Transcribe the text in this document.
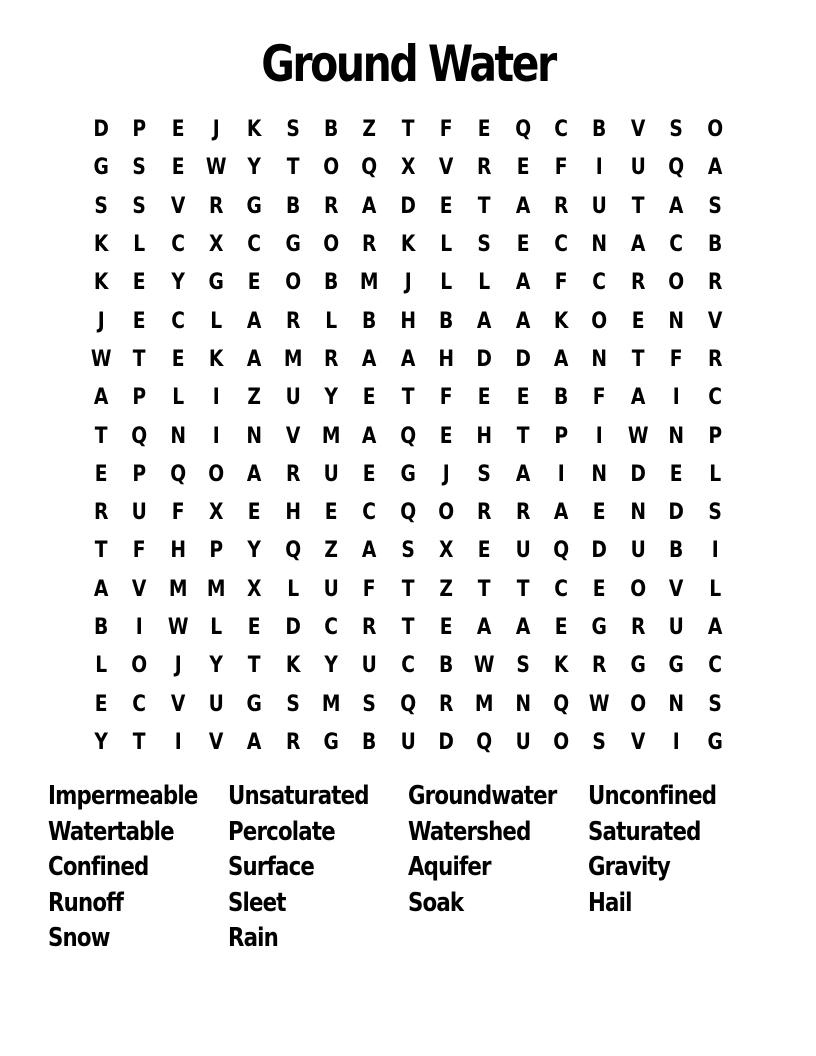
Ground Water
D	P	E	J	K	S	B	Z	T	F	E	Q	C	B	V	S	O
G	S	E W Y	T	O	Q	X	V	R	E	F	I	U	Q	A
S	S	V	R	G	B	R	A	D	E	T	A	R	U	T	A	S
K	L	C	X	C	G	O	R	K	L	S	E	C	N	A	C	B
K	E	Y	G	E	O	B M	J	L	L	A	F	C	R	O	R
J	E	C	L	A	R	L	B	H	B	A	A	K	O	E	N	V
W T	E	K	A M R	A	A	H	D	D	A	N	T	F	R
A	P	L	I	Z	U	Y	E	T	F	E	E	B	F	A	I	C
T	Q	N	I	N	V M A	Q	E	H	T	P	I	W N	P
E	P	Q	O	A	R	U	E	G	J	S	A	I	N	D	E	L
R	U	F	X	E	H	E	C	Q	O	R	R	A	E	N	D	S
T	F	H	P	Y	Q	Z	A	S	X	E	U	Q	D	U	B	I
A	V M M X	L	U	F	T	Z	T	T	C	E	O	V	L
B	I	W	L	E	D	C	R	T	E	A	A	E	G	R	U	A
L	O	J	Y	T	K	Y	U	C	B W S	K	R	G	G	C
E	C	V	U	G	S	M	S	Q	R M N	Q W O	N	S
Y	T	I	V	A	R	G	B	U	D	Q	U	O	S	V	I	G
Impermeable Unsaturated Groundwater Unconfined
Watertable	Percolate	Watershed	Saturated
Confined	Surface	Aquifer	Gravity
Runoff	Sleet	Soak	Hail
Snow	Rain
